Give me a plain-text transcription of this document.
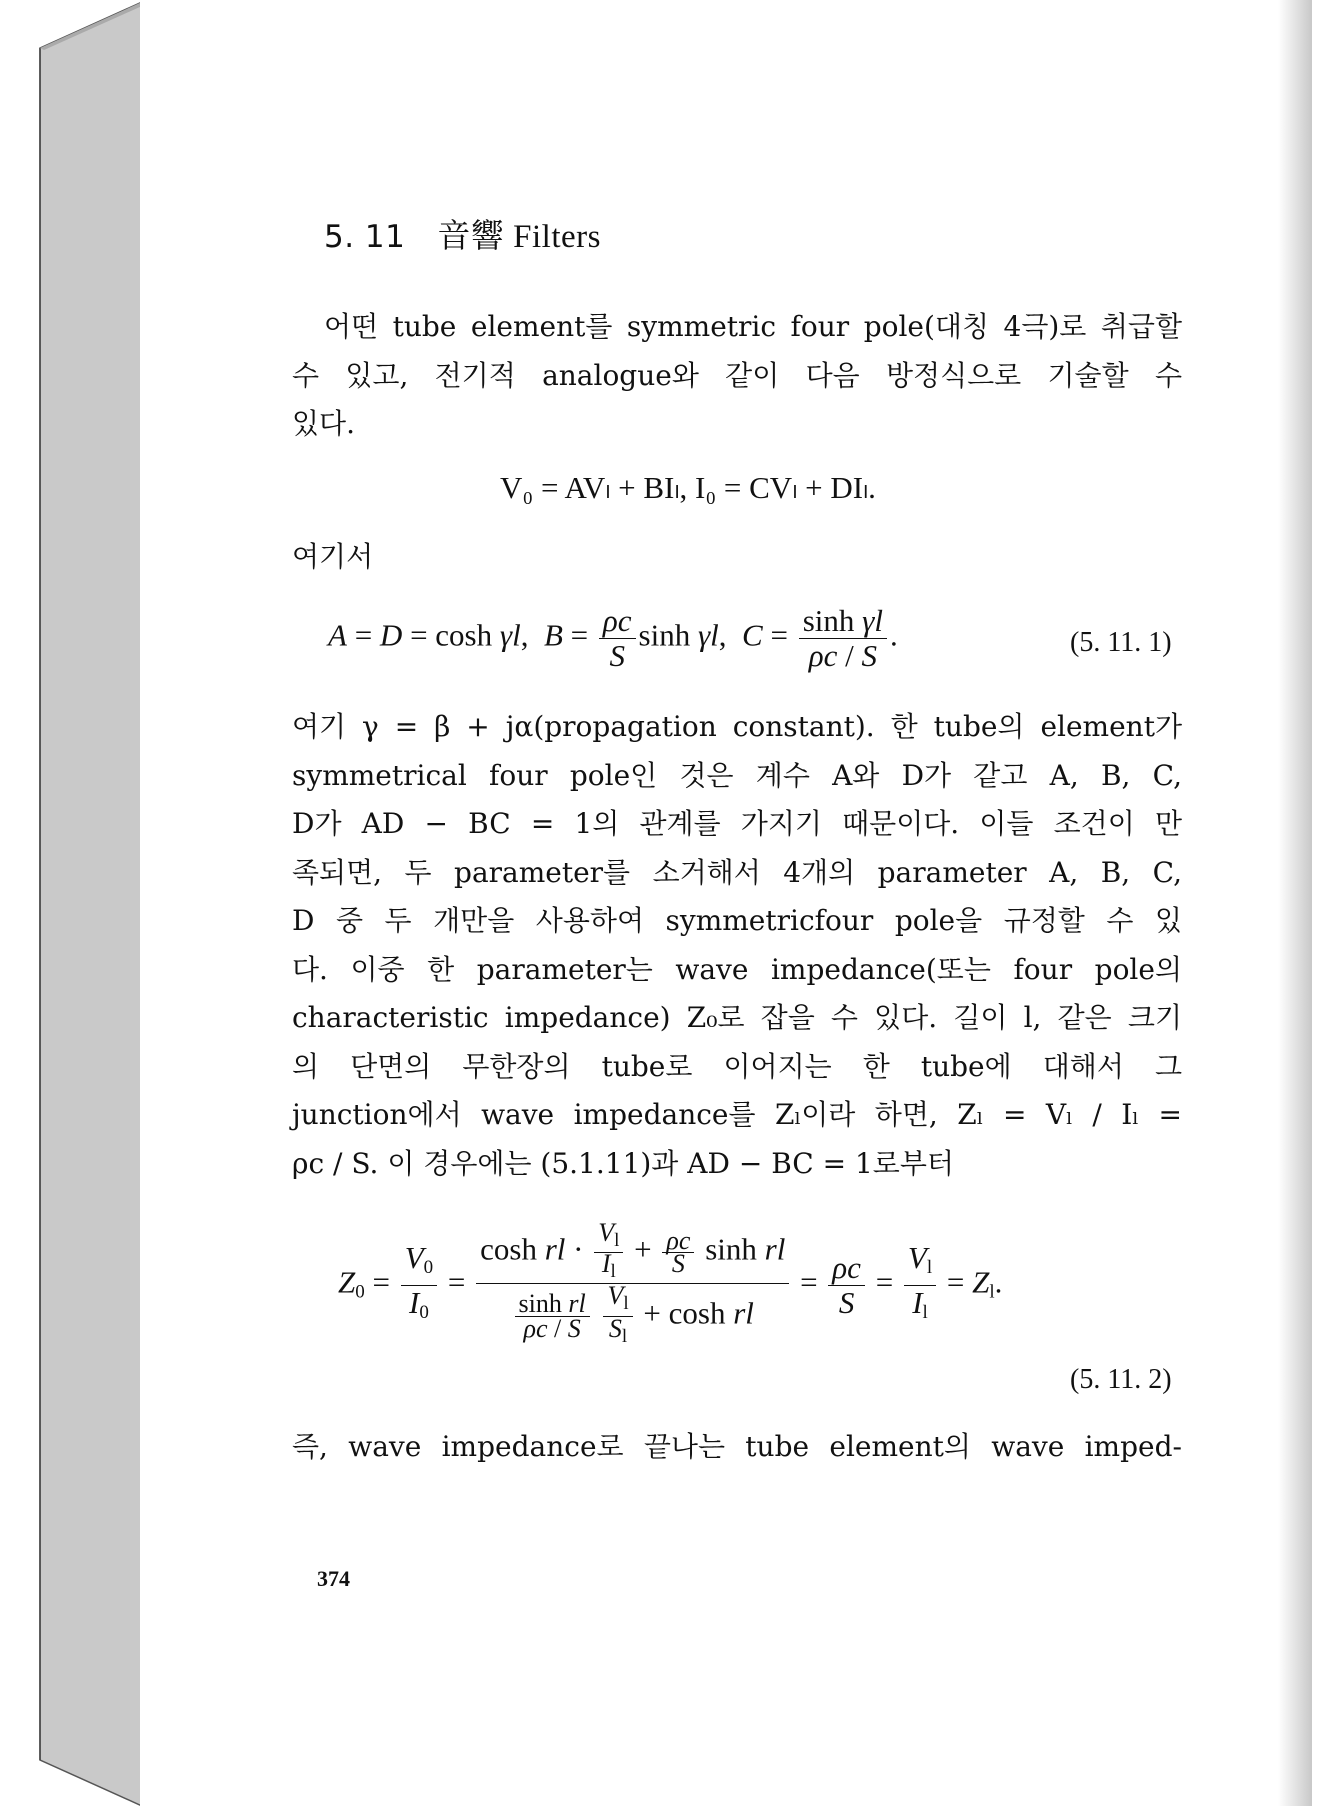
5. 11 音響 Filters

어떤 tube element를 symmetric four pole(대칭 4극)로 취급할

수 있고, 전기적 analogue와 같이 다음 방정식으로 기술할 수

있다.

V₀ = AVₗ + BIₗ, I₀ = CVₗ + DIₗ.

여기서

A = D = cosh γl,  $B = \frac{\rho c}{S}$ sinh γl,  $C = \frac{\text{sinh γl}}{\rho c / S}$ .	(5. 11. 1)

여기 γ = β + jα(propagation constant). 한 tube의 element가

symmetrical four pole인 것은 계수 A와 D가 같고 A, B, C,

D가 AD − BC = 1의 관계를 가지기 때문이다. 이들 조건이 만

족되면, 두 parameter를 소거해서 4개의 parameter A, B, C,

D 중 두 개만을 사용하여 symmetricfour pole을 규정할 수 있

다. 이중 한 parameter는 wave impedance(또는 four pole의

characteristic impedance) Z₀로 잡을 수 있다. 길이 l, 같은 크기

의 단면의 무한장의 tube로 이어지는 한 tube에 대해서 그

junction에서 wave impedance를 Zₗ이라 하면, Zₗ = Vₗ / Iₗ =

ρc / S. 이 경우에는 (5.1.11)과 AD − BC = 1로부터

$Z_0 = \frac{V_0}{I_0} = \cosh$ rl · $\frac{V_l}{I_l} + \frac{\rho c}{S}$ sinh rl
$\frac{\text{sinh rl}}{\rho c / S}$
$\frac{V_l}{S_l} + \cosh$ rl = $\frac{\rho c}{S} = \frac{V_l}{I_l} = Z_l$.
(5. 11. 2)

즉, wave impedance로 끝나는 tube element의 wave imped-

374
